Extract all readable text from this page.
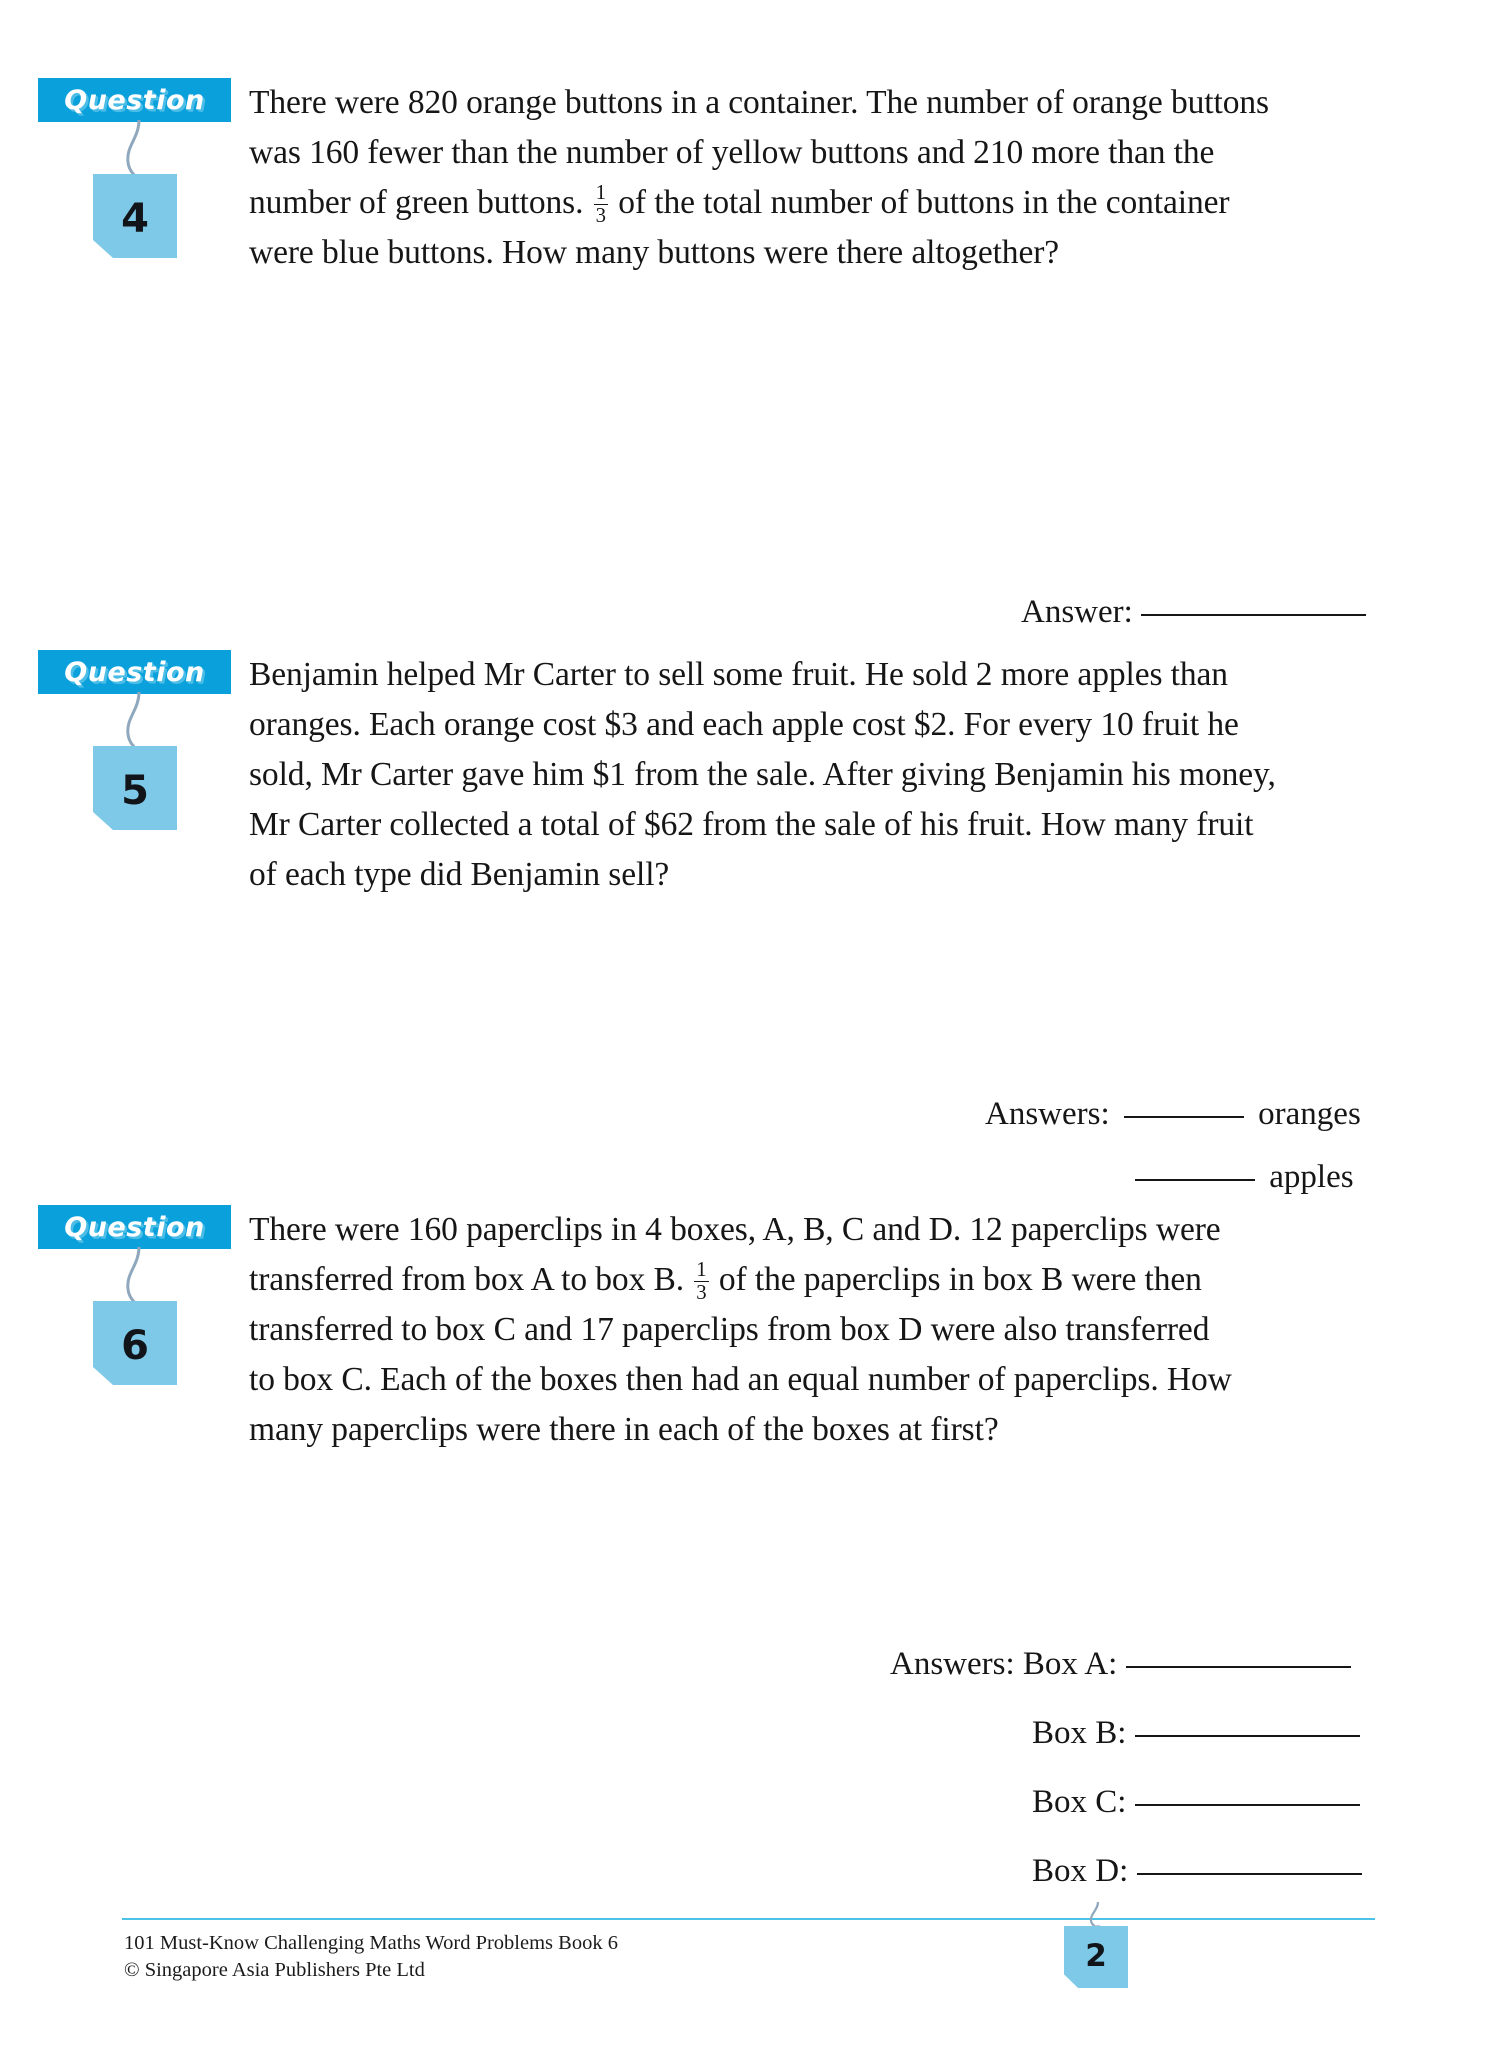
Question
4
There were 820 orange buttons in a container. The number of orange buttons
was 160 fewer than the number of yellow buttons and 210 more than the
number of green buttons. $\frac{1}{3}$ of the total number of buttons in the container
were blue buttons. How many buttons were there altogether?
Answer:
Question
5
Benjamin helped Mr Carter to sell some fruit. He sold 2 more apples than
oranges. Each orange cost $3 and each apple cost $2. For every 10 fruit he
sold, Mr Carter gave him $1 from the sale. After giving Benjamin his money,
Mr Carter collected a total of $62 from the sale of his fruit. How many fruit
of each type did Benjamin sell?
Answers:	oranges
apples
Question
6
There were 160 paperclips in 4 boxes, A, B, C and D. 12 paperclips were
transferred from box A to box B. $\frac{1}{3}$ of the paperclips in box B were then
transferred to box C and 17 paperclips from box D were also transferred
to box C. Each of the boxes then had an equal number of paperclips. How
many paperclips were there in each of the boxes at first?
Answers: Box A:
Box B:
Box C:
Box D:
101 Must-Know Challenging Maths Word Problems Book 6
© Singapore Asia Publishers Pte Ltd	2
